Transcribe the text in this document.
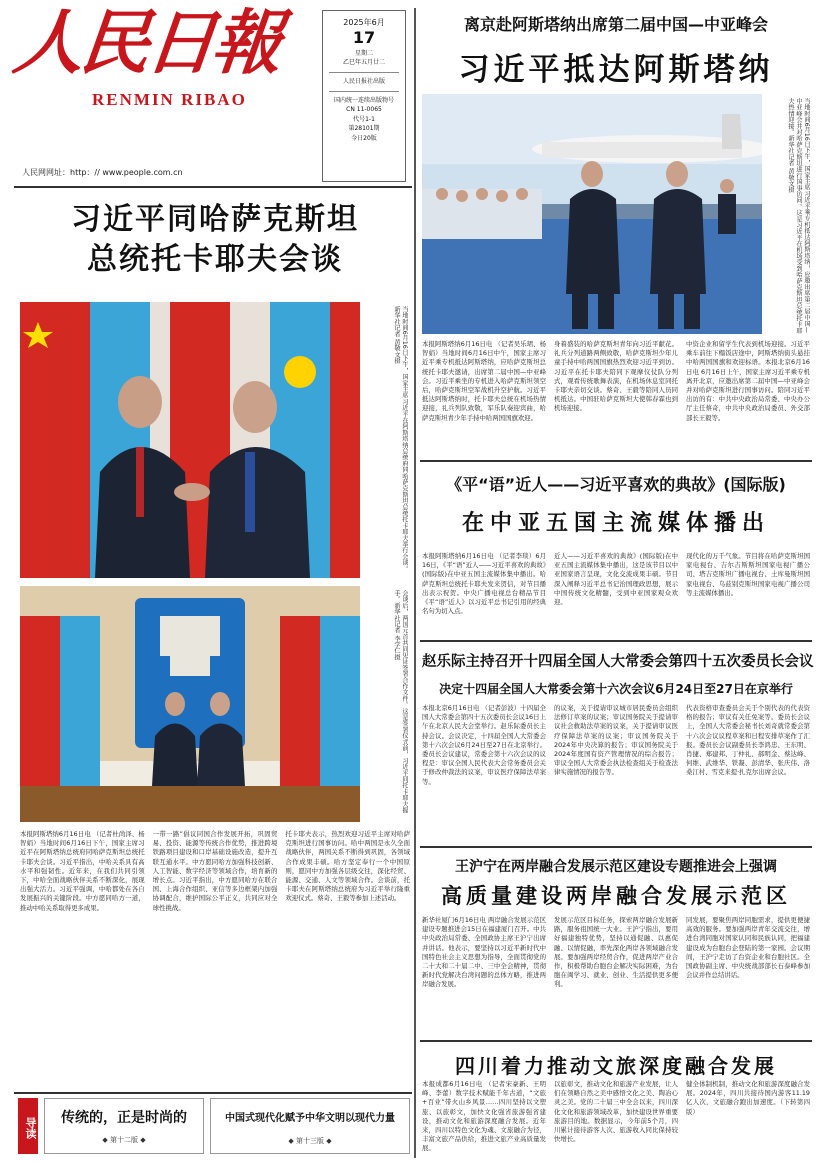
人民日報
RENMIN RIBAO
人民网网址：http：// www.people.com.cn
2025年6月
17
星期二
乙巳年五月廿二
人民日报社出版
国内统一连续出版物号
CN 11-0065
代号1-1
第28101期
今日20版
习近平同哈萨克斯坦
总统托卡耶夫会谈
当地时间6月16日下午，国家主席习近平在阿斯塔纳总统府同哈萨克斯坦总统托卡耶夫举行会谈。新华社记者 黄敬文摄
会谈后，两国元首共同见证签署合作文件。这是签署仪式前，习近平同托卡耶夫握手。新华社记者 李学仁摄
本报阿斯塔纳6月16日电 （记者杜尚泽、杨智娟）当地时间6月16日下午，国家主席习近平在阿斯塔纳总统府同哈萨克斯坦总统托卡耶夫会谈。习近平指出，中哈关系具有高水平和强韧性。近年来，在我们共同引领下，中哈全面战略伙伴关系不断深化，展现出强大活力。习近平强调，中哈都处在各自发展振兴的关键阶段。中方愿同哈方一道，推动中哈关系取得更多成果。
一带一路”倡议同国合作发展开拓，巩固贸易、投资、能源等传统合作优势，推进跨境铁路项目建设和口岸基础设施改造，提升互联互通水平。中方愿同哈方加强科技创新、人工智能、数字经济等领域合作，培育新的增长点。习近平指出，中方愿同哈方在联合国、上海合作组织、亚信等多边框架内加强协调配合，维护国际公平正义，共同应对全球性挑战。
托卡耶夫表示，热烈欢迎习近平主席对哈萨克斯坦进行国事访问。哈中两国是永久全面战略伙伴，两国关系不断得到巩固，各领域合作成果丰硕。哈方坚定奉行一个中国原则，愿同中方加强各层级交往，深化经贸、能源、交通、人文等领域合作。会谈前，托卡耶夫在阿斯塔纳总统府为习近平举行隆重欢迎仪式。蔡奇、王毅等参加上述活动。
导读	传统的，正是时尚的
◆ 第十二版 ◆
中国式现代化赋予中华文明以现代力量
◆ 第十三版 ◆
离京赴阿斯塔纳出席第二届中国—中亚峰会
习近平抵达阿斯塔纳
当地时间6月16日下午，国家主席习近平乘专机抵达阿斯塔纳，应邀出席第二届中国—中亚峰会并对哈萨克斯坦进行国事访问。这是习近平在机场受到哈萨克斯坦总统托卡耶夫热情迎接。新华社记者 黄敬文摄
本报阿斯塔纳6月16日电 （记者吴乐珺、杨智娟）当地时间6月16日中午，国家主席习近平乘专机抵达阿斯塔纳，应哈萨克斯坦总统托卡耶夫邀请，出席第二届中国—中亚峰会。习近平乘坐的专机进入哈萨克斯坦领空后，哈萨克斯坦空军战机升空护航。习近平抵达阿斯塔纳时，托卡耶夫总统在机场热情迎接，礼兵列队致敬，军乐队奏迎宾曲，哈萨克斯坦青少年手持中哈两国国旗欢迎。
身着盛装的哈萨克斯坦青年向习近平献花。礼兵分列道路两侧致敬，哈萨克斯坦少年儿童手持中哈两国国旗热烈欢迎习近平到访。习近平在托卡耶夫陪同下观摩仪仗队分列式，观看传统歌舞表演，在机场休息室同托卡耶夫亲切交谈。蔡奇、王毅等陪同人员同机抵达。中国驻哈萨克斯坦大使韩春霖也到机场迎接。
中资企业和留学生代表到机场迎接。习近平乘车前往下榻饭店途中，阿斯塔纳街头悬挂中哈两国国旗和欢迎标语。本报北京6月16日电 6月16日上午，国家主席习近平乘专机离开北京，应邀出席第二届中国—中亚峰会并对哈萨克斯坦进行国事访问。陪同习近平出访的有：中共中央政治局常委、中央办公厅主任蔡奇，中共中央政治局委员、外交部部长王毅等。
《平“语”近人——习近平喜欢的典故》(国际版)
在中亚五国主流媒体播出
本报阿斯塔纳6月16日电 （记者李琰）6月16日，《平“语”近人——习近平喜欢的典故》(国际版)在中亚五国主流媒体集中播出。哈萨克斯坦总统托卡耶夫发来贺信，对节目播出表示祝贺。中央广播电视总台精品节目《平“语”近人》以习近平总书记引用的经典名句为切入点。
近人——习近平喜欢的典故》(国际版)在中亚五国主流媒体集中播出，这是该节目以中亚国家语言呈现，文化交流成果丰硕。节目深入阐释习近平总书记治国理政思想，展示中国传统文化精髓，受到中亚国家观众欢迎。
现代化的万千气象。节目将在哈萨克斯坦国家电视台、吉尔吉斯斯坦国家电视广播公司、塔吉克斯坦广播电视台、土库曼斯坦国家电视台、乌兹别克斯坦国家电视广播公司等主流媒体播出。
赵乐际主持召开十四届全国人大常委会第四十五次委员长会议
决定十四届全国人大常委会第十六次会议6月24日至27日在京举行
本报北京6月16日电 （记者彭波）十四届全国人大常委会第四十五次委员长会议16日上午在北京人民大会堂举行。赵乐际委员长主持会议。会议决定，十四届全国人大常委会第十六次会议6月24日至27日在北京举行。委员长会议建议，常委会第十六次会议的议程是：审议全国人民代表大会常务委员会关于修改仲裁法的议案，审议医疗保障法草案等。
的议案，关于提请审议城市居民委员会组织法修订草案的议案；审议国务院关于提请审议社会救助法草案的议案，关于提请审议医疗保障法草案的议案；审议国务院关于2024年中央决算的报告；审议国务院关于2024年度国有资产管理情况的综合报告；审议全国人大常委会执法检查组关于检查法律实施情况的报告等。
代表资格审查委员会关于个别代表的代表资格的报告；审议有关任免案等。委员长会议上，全国人大常委会秘书长刘奇就常委会第十六次会议议程草案和日程安排草案作了汇报。委员长会议副委员长李鸿忠、王东明、肖捷、郑建邦、丁仲礼、郝明金、蔡达峰、何维、武维华、铁凝、彭清华、张庆伟、洛桑江村、雪克来提·扎克尔出席会议。
王沪宁在两岸融合发展示范区建设专题推进会上强调
高质量建设两岸融合发展示范区
新华社厦门6月16日电 两岸融合发展示范区建设专题推进会15日在福建厦门召开。中共中央政治局常委、全国政协主席王沪宁出席并讲话。他表示，要坚持以习近平新时代中国特色社会主义思想为指导，全面贯彻党的二十大和二十届二中、三中全会精神，贯彻新时代党解决台湾问题的总体方略，推进两岸融合发展。
发展示范区目标任务，探索两岸融合发展新路，服务祖国统一大业。王沪宁指出，要用好福建独特优势，坚持以通促融、以惠促融、以情促融，率先深化两岸各领域融合发展。要加强两岸经贸合作，促进两岸产业合作，积极帮助台胞台企解决实际困难，为台胞在闽学习、就业、创业、生活提供更多便利。
同发展，要聚焦两岸同胞需求，提供更便捷高效的服务。要加强两岸青年交流交往，增进台湾同胞对国家认同和民族认同，把福建建设成为台胞台企登陆的第一家园。会议期间，王沪宁走访了台资企业和台胞社区。全国政协副主席、中央统战部部长石泰峰参加会议并作总结讲话。
四川着力推动文旅深度融合发展
本报成都6月16日电 （记者宋豪新、王明峰、李蕾）数字技术赋能千年古道，“文旅+百业”带火山乡风景……四川坚持以文塑旅、以旅彰文，加快文化强省旅游强省建设，推动文化和旅游深度融合发展。近年来，四川以特色文化为魂、文旅融合为径，丰富文旅产品供给，推进文旅产业高质量发展。
以旅彰文，推动文化和旅游产业发展，让人们在领略自然之美中感悟文化之美、陶冶心灵之美。党的二十届三中全会以来，四川深化文化和旅游领域改革，加快建设世界重要旅游目的地。数据显示，今年前5个月，四川累计接待游客人次、旅游收入同比保持较快增长。
健全体制机制，推动文化和旅游深度融合发展。2024年，四川共接待国内游客11.19亿人次，文旅融合跑出加速度。（下转第四版）
